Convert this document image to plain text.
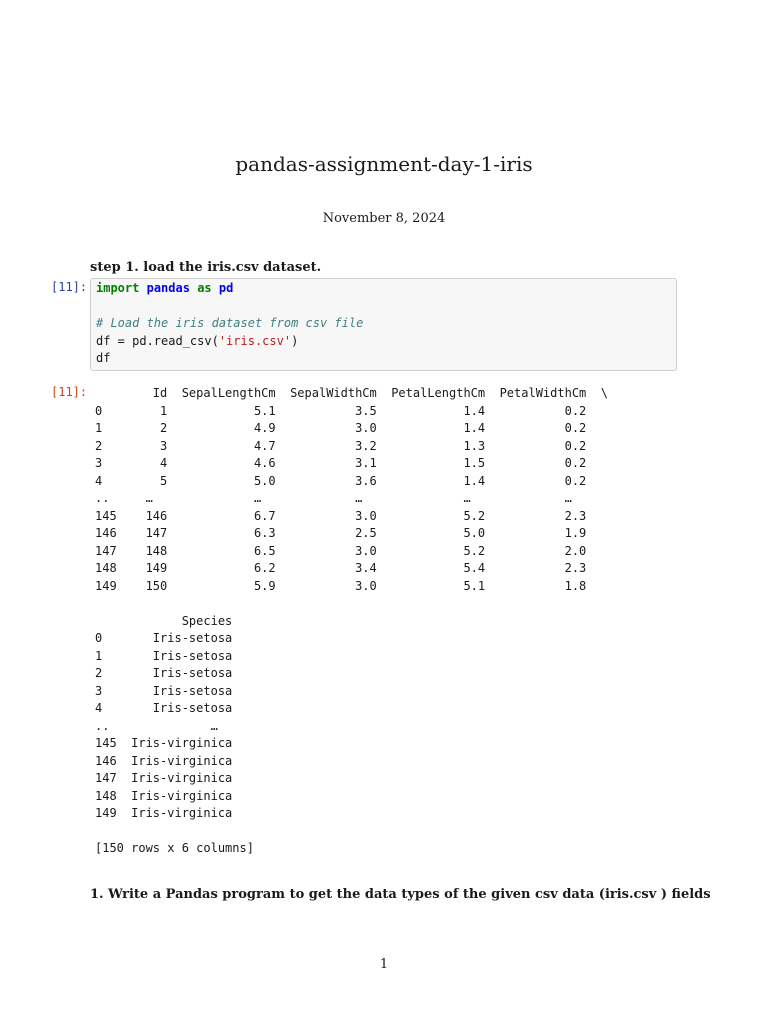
pandas-assignment-day-1-iris
November 8, 2024
step 1. load the iris.csv dataset.
[11]: import pandas as pd

# Load the iris dataset from csv file
df = pd.read_csv('iris.csv')
df
[11]:	Id  SepalLengthCm  SepalWidthCm  PetalLengthCm  PetalWidthCm  \
0        1            5.1           3.5            1.4           0.2
1        2            4.9           3.0            1.4           0.2
2        3            4.7           3.2            1.3           0.2
3        4            4.6           3.1            1.5           0.2
4        5            5.0           3.6            1.4           0.2
..     …              …             …              …             …
145    146            6.7           3.0            5.2           2.3
146    147            6.3           2.5            5.0           1.9
147    148            6.5           3.0            5.2           2.0
148    149            6.2           3.4            5.4           2.3
149    150            5.9           3.0            5.1           1.8

Species
0       Iris-setosa
1       Iris-setosa
2       Iris-setosa
3       Iris-setosa
4       Iris-setosa
..              …
145  Iris-virginica
146  Iris-virginica
147  Iris-virginica
148  Iris-virginica
149  Iris-virginica

[150 rows x 6 columns]
1. Write a Pandas program to get the data types of the given csv data (iris.csv ) fields
1
